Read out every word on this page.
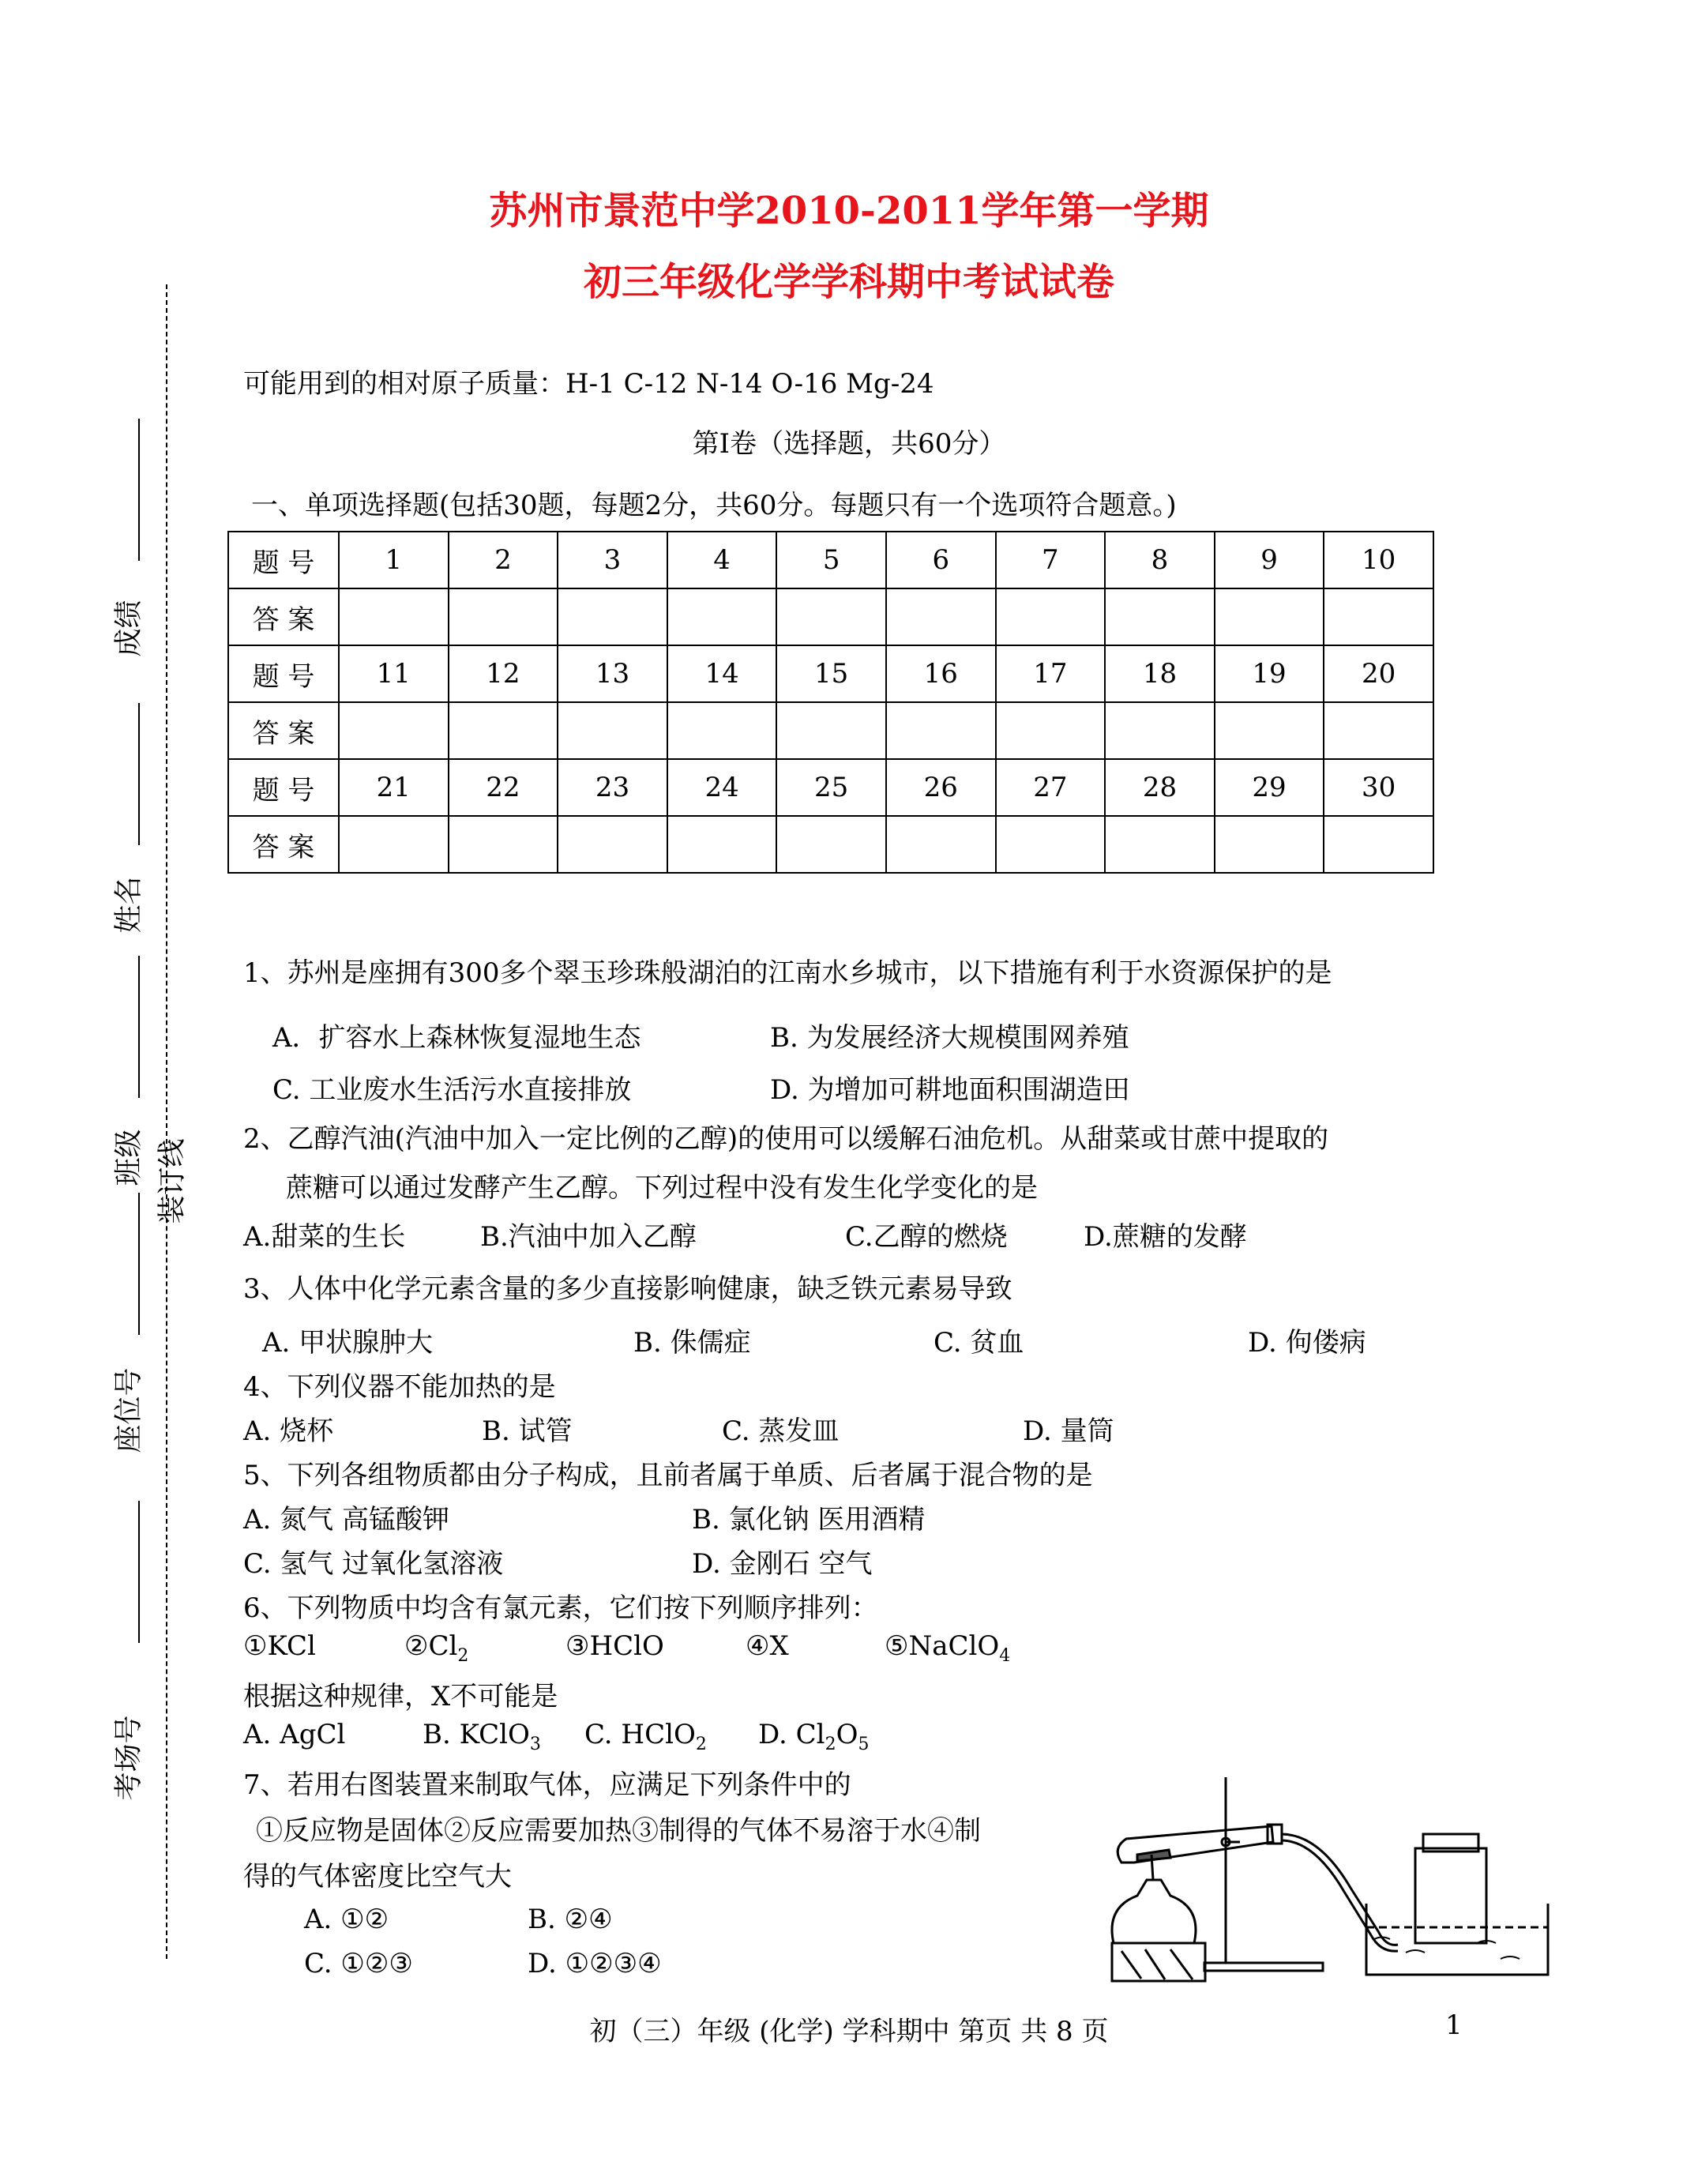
苏州市景范中学2010-2011学年第一学期
初三年级化学学科期中考试试卷
成绩
姓名
班级 装订线
座位号
考场号
可能用到的相对原子质量：H-1 C-12 N-14 O-16 Mg-24
第Ⅰ卷（选择题，共60分）
一、单项选择题(包括30题，每题2分，共60分。每题只有一个选项符合题意。)
题 号	1	2	3	4	5	6	7	8	9	10
答 案										
题 号	11	12	13	14	15	16	17	18	19	20
答 案										
题 号	21	22	23	24	25	26	27	28	29	30
答 案										
1、苏州是座拥有300多个翠玉珍珠般湖泊的江南水乡城市，以下措施有利于水资源保护的是
A．扩容水上森林恢复湿地生态	B. 为发展经济大规模围网养殖
C. 工业废水生活污水直接排放	D. 为增加可耕地面积围湖造田
2、乙醇汽油(汽油中加入一定比例的乙醇)的使用可以缓解石油危机。从甜菜或甘蔗中提取的
蔗糖可以通过发酵产生乙醇。下列过程中没有发生化学变化的是
A.甜菜的生长	B.汽油中加入乙醇	C.乙醇的燃烧	D.蔗糖的发酵
3、人体中化学元素含量的多少直接影响健康，缺乏铁元素易导致
A. 甲状腺肿大	B. 侏儒症	C. 贫血	D. 佝偻病
4、下列仪器不能加热的是
A. 烧杯	B. 试管	C. 蒸发皿	D. 量筒
5、下列各组物质都由分子构成，且前者属于单质、后者属于混合物的是
A. 氮气 高锰酸钾	B. 氯化钠 医用酒精
C. 氢气 过氧化氢溶液	D. 金刚石 空气
6、下列物质中均含有氯元素，它们按下列顺序排列：
①KCl	$②Cl_2$	③HClO	④X	⑤NaClO$_4$
根据这种规律，X不可能是
A. AgCl	B. KClO$_3$ C. HClO$_2$ D. $Cl_2O_5$
7、若用右图装置来制取气体，应满足下列条件中的
①反应物是固体②反应需要加热③制得的气体不易溶于水④制
得的气体密度比空气大
A. ①②	B. ②④
C. ①②③	D. ①②③④
初（三）年级 (化学) 学科期中 第页 共 8 页	1
